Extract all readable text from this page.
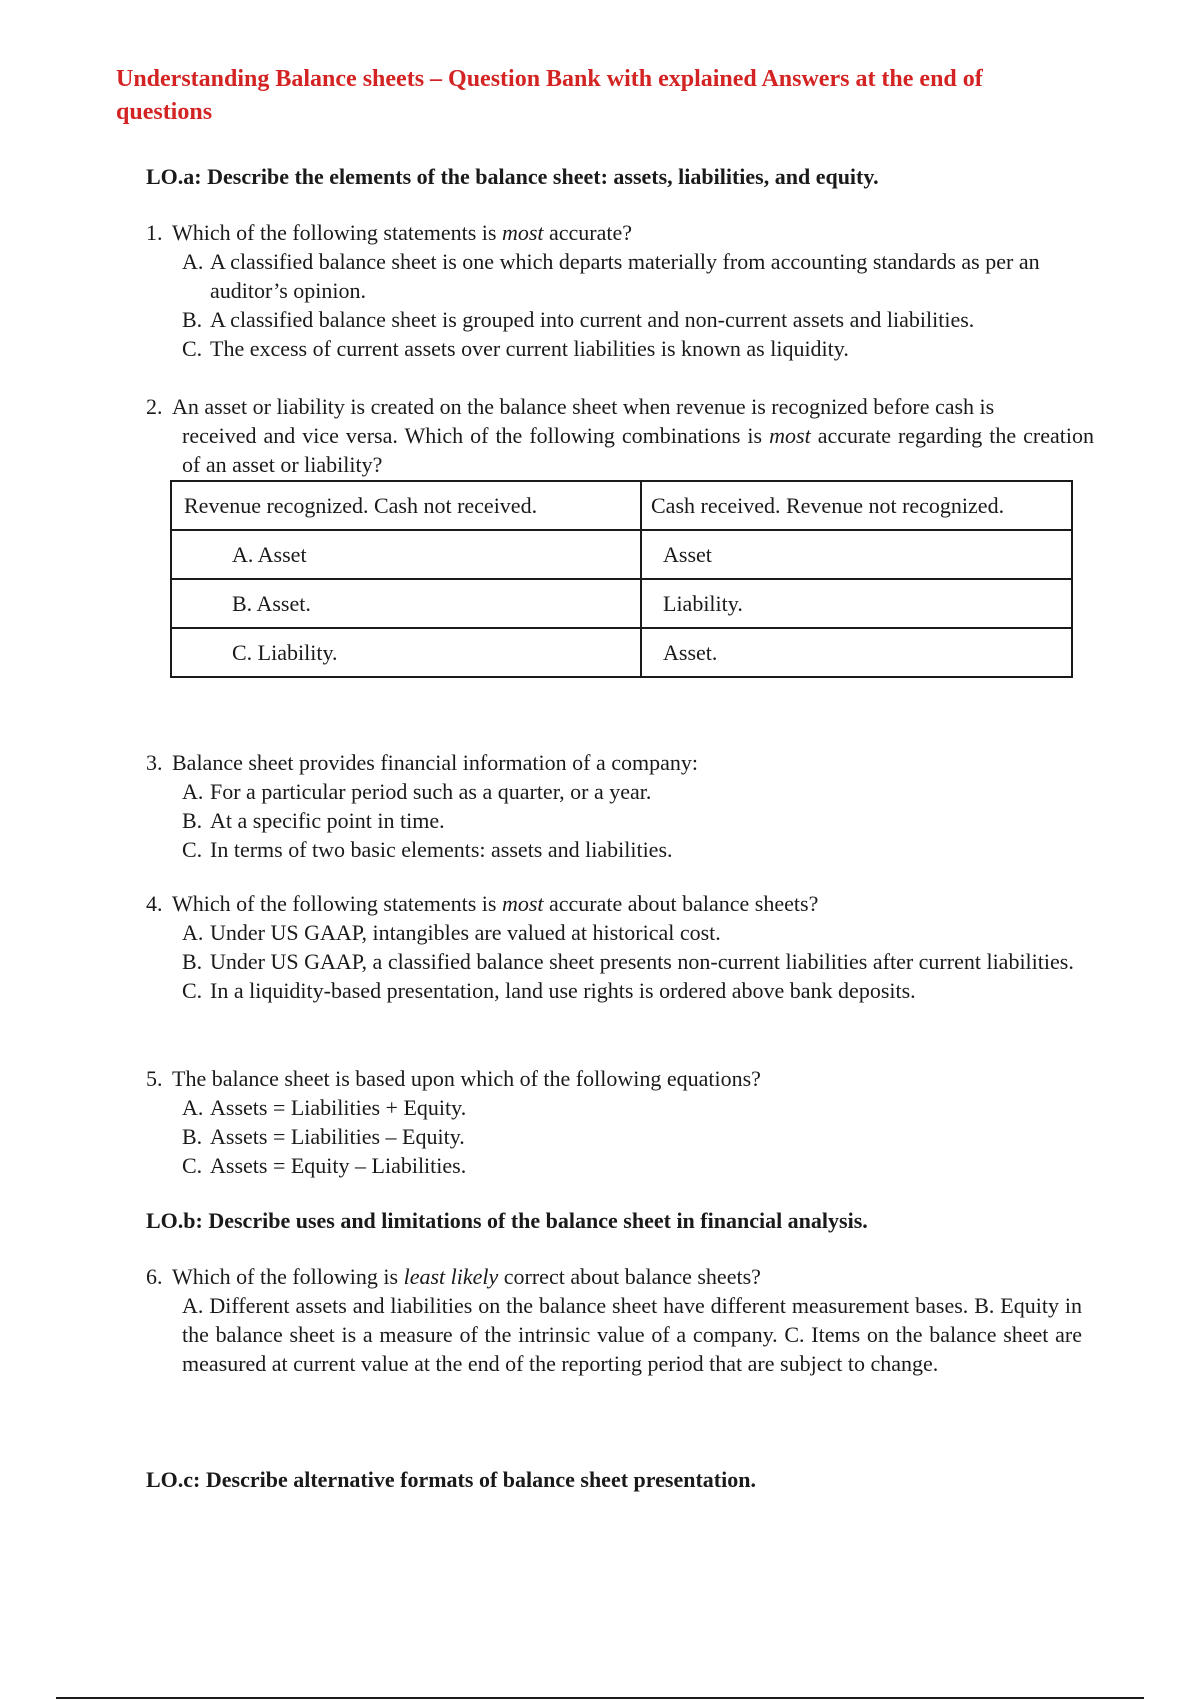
Understanding Balance sheets – Question Bank with explained Answers at the end of questions
LO.a: Describe the elements of the balance sheet: assets, liabilities, and equity.
1. Which of the following statements is most accurate?
A. A classified balance sheet is one which departs materially from accounting standards as per an auditor’s opinion.
B. A classified balance sheet is grouped into current and non-current assets and liabilities.
C. The excess of current assets over current liabilities is known as liquidity.
2. An asset or liability is created on the balance sheet when revenue is recognized before cash is
received and vice versa. Which of the following combinations is most accurate regarding the creation of an asset or liability?
Revenue recognized. Cash not received.	Cash received. Revenue not recognized.
A. Asset	Asset
B. Asset.	Liability.
C. Liability.	Asset.
3. Balance sheet provides financial information of a company:
A. For a particular period such as a quarter, or a year.
B. At a specific point in time.
C. In terms of two basic elements: assets and liabilities.
4. Which of the following statements is most accurate about balance sheets?
A. Under US GAAP, intangibles are valued at historical cost.
B. Under US GAAP, a classified balance sheet presents non-current liabilities after current liabilities.
C. In a liquidity-based presentation, land use rights is ordered above bank deposits.
5. The balance sheet is based upon which of the following equations?
A. Assets = Liabilities + Equity.
B. Assets = Liabilities – Equity.
C. Assets = Equity – Liabilities.
LO.b: Describe uses and limitations of the balance sheet in financial analysis.
6. Which of the following is least likely correct about balance sheets?
A. Different assets and liabilities on the balance sheet have different measurement bases. B. Equity in the balance sheet is a measure of the intrinsic value of a company. C. Items on the balance sheet are measured at current value at the end of the reporting period that are subject to change.
LO.c: Describe alternative formats of balance sheet presentation.
